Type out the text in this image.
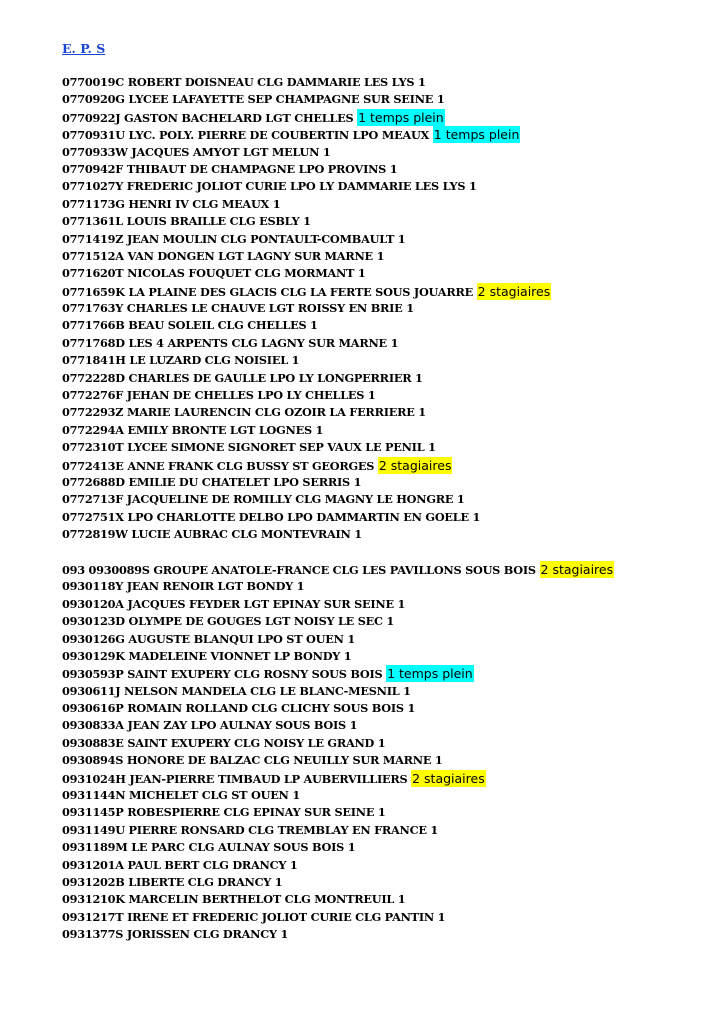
E. P. S
0770019C ROBERT DOISNEAU CLG DAMMARIE LES LYS 1
0770920G LYCEE LAFAYETTE SEP CHAMPAGNE SUR SEINE 1
0770922J GASTON BACHELARD LGT CHELLES 1 temps plein
0770931U LYC. POLY. PIERRE DE COUBERTIN LPO MEAUX 1 temps plein
0770933W JACQUES AMYOT LGT MELUN 1
0770942F THIBAUT DE CHAMPAGNE LPO PROVINS 1
0771027Y FREDERIC JOLIOT CURIE LPO LY DAMMARIE LES LYS 1
0771173G HENRI IV CLG MEAUX 1
0771361L LOUIS BRAILLE CLG ESBLY 1
0771419Z JEAN MOULIN CLG PONTAULT-COMBAULT 1
0771512A VAN DONGEN LGT LAGNY SUR MARNE 1
0771620T NICOLAS FOUQUET CLG MORMANT 1
0771659K LA PLAINE DES GLACIS CLG LA FERTE SOUS JOUARRE 2 stagiaires
0771763Y CHARLES LE CHAUVE LGT ROISSY EN BRIE 1
0771766B BEAU SOLEIL CLG CHELLES 1
0771768D LES 4 ARPENTS CLG LAGNY SUR MARNE 1
0771841H LE LUZARD CLG NOISIEL 1
0772228D CHARLES DE GAULLE LPO LY LONGPERRIER 1
0772276F JEHAN DE CHELLES LPO LY CHELLES 1
0772293Z MARIE LAURENCIN CLG OZOIR LA FERRIERE 1
0772294A EMILY BRONTE LGT LOGNES 1
0772310T LYCEE SIMONE SIGNORET SEP VAUX LE PENIL 1
0772413E ANNE FRANK CLG BUSSY ST GEORGES 2 stagiaires
0772688D EMILIE DU CHATELET LPO SERRIS 1
0772713F JACQUELINE DE ROMILLY CLG MAGNY LE HONGRE 1
0772751X LPO CHARLOTTE DELBO LPO DAMMARTIN EN GOELE 1
0772819W LUCIE AUBRAC CLG MONTEVRAIN 1
093 0930089S GROUPE ANATOLE-FRANCE CLG LES PAVILLONS SOUS BOIS 2 stagiaires
0930118Y JEAN RENOIR LGT BONDY 1
0930120A JACQUES FEYDER LGT EPINAY SUR SEINE 1
0930123D OLYMPE DE GOUGES LGT NOISY LE SEC 1
0930126G AUGUSTE BLANQUI LPO ST OUEN 1
0930129K MADELEINE VIONNET LP BONDY 1
0930593P SAINT EXUPERY CLG ROSNY SOUS BOIS 1 temps plein
0930611J NELSON MANDELA CLG LE BLANC-MESNIL 1
0930616P ROMAIN ROLLAND CLG CLICHY SOUS BOIS 1
0930833A JEAN ZAY LPO AULNAY SOUS BOIS 1
0930883E SAINT EXUPERY CLG NOISY LE GRAND 1
0930894S HONORE DE BALZAC CLG NEUILLY SUR MARNE 1
0931024H JEAN-PIERRE TIMBAUD LP AUBERVILLIERS 2 stagiaires
0931144N MICHELET CLG ST OUEN 1
0931145P ROBESPIERRE CLG EPINAY SUR SEINE 1
0931149U PIERRE RONSARD CLG TREMBLAY EN FRANCE 1
0931189M LE PARC CLG AULNAY SOUS BOIS 1
0931201A PAUL BERT CLG DRANCY 1
0931202B LIBERTE CLG DRANCY 1
0931210K MARCELIN BERTHELOT CLG MONTREUIL 1
0931217T IRENE ET FREDERIC JOLIOT CURIE CLG PANTIN 1
0931377S JORISSEN CLG DRANCY 1
